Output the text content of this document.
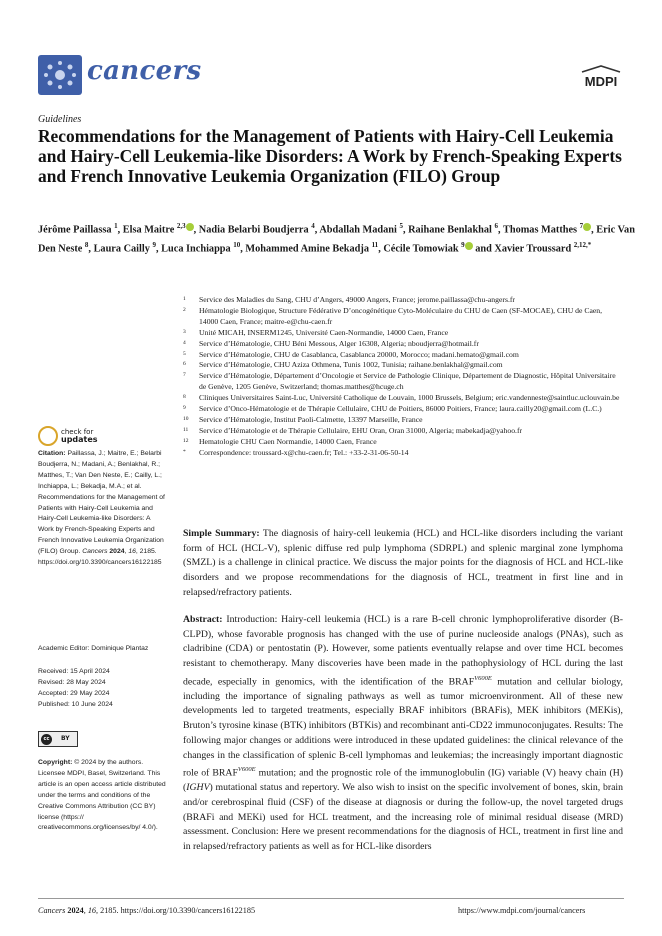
cancers	MDPI
Guidelines
Recommendations for the Management of Patients with Hairy-Cell Leukemia and Hairy-Cell Leukemia-like Disorders: A Work by French-Speaking Experts and French Innovative Leukemia Organization (FILO) Group
Jérôme Paillassa $^1$, Elsa Maitre $^{2,3}$ , Nadia Belarbi Boudjerra $^4$, Abdallah Madani $^5$, Raihane Benlakhal $^6$, Thomas Matthes $^7$ , Eric Van Den Neste $^8$, Laura Cailly $^9$, Luca Inchiappa $^{10}$, Mohammed Amine Bekadja $^{11}$, Cécile Tomowiak $^9$ and Xavier Troussard $^{2,12,*}$
1	Service des Maladies du Sang, CHU d’Angers, 49000 Angers, France; jerome.paillassa@chu-angers.fr
2	Hématologie Biologique, Structure Fédérative D’oncogénétique Cyto-Moléculaire du CHU de Caen (SF-MOCAE), CHU de Caen, 14000 Caen, France; maitre-e@chu-caen.fr
3	Unité MICAH, INSERM1245, Université Caen-Normandie, 14000 Caen, France
4	Service d’Hématologie, CHU Béni Messous, Alger 16308, Algeria; nboudjerra@hotmail.fr
5	Service d’Hématologie, CHU de Casablanca, Casablanca 20000, Morocco; madani.hemato@gmail.com
6	Service d’Hématologie, CHU Aziza Othmena, Tunis 1002, Tunisia; raihane.benlakhal@gmail.com
7	Service d’Hématologie, Département d’Oncologie et Service de Pathologie Clinique, Département de Diagnostic, Hôpital Universitaire de Genève, 1205 Genève, Switzerland; thomas.matthes@hcuge.ch
8	Cliniques Universitaires Saint-Luc, Université Catholique de Louvain, 1000 Brussels, Belgium; eric.vandenneste@saintluc.uclouvain.be
9	Service d’Onco-Hématologie et de Thérapie Cellulaire, CHU de Poitiers, 86000 Poitiers, France; laura.cailly20@gmail.com (L.C.)
10	Service d’Hématologie, Institut Paoli-Calmette, 13397 Marseille, France
11	Service d’Hématologie et de Thérapie Cellulaire, EHU Oran, Oran 31000, Algeria; mabekadja@yahoo.fr
12	Hematologie CHU Caen Normandie, 14000 Caen, France
*	Correspondence: troussard-x@chu-caen.fr; Tel.: +33-2-31-06-50-14
check for
updates
Citation: Paillassa, J.; Maitre, E.; Belarbi Boudjerra, N.; Madani, A.; Benlakhal, R.; Matthes, T.; Van Den Neste, E.; Cailly, L.; Inchiappa, L.; Bekadja, M.A.; et al. Recommendations for the Management of Patients with Hairy-Cell Leukemia and Hairy-Cell Leukemia-like Disorders: A Work by French-Speaking Experts and French Innovative Leukemia Organization (FILO) Group. Cancers 2024, 16, 2185. https://doi.org/10.3390/cancers16122185
Academic Editor: Dominique Plantaz
Received: 15 April 2024
Revised: 28 May 2024
Accepted: 29 May 2024
Published: 10 June 2024
cc	BY
Copyright: © 2024 by the authors. Licensee MDPI, Basel, Switzerland. This article is an open access article distributed under the terms and conditions of the Creative Commons Attribution (CC BY) license (https:// creativecommons.org/licenses/by/ 4.0/).
Simple Summary: The diagnosis of hairy-cell leukemia (HCL) and HCL-like disorders including the variant form of HCL (HCL-V), splenic diffuse red pulp lymphoma (SDRPL) and splenic marginal zone lymphoma (SMZL) is a challenge in clinical practice. We discuss the major points for the diagnosis of HCL and HCL-like disorders and we propose recommendations for the diagnosis of HCL, treatment in first line and in relapsed/refractory patients.
Abstract: Introduction: Hairy-cell leukemia (HCL) is a rare B-cell chronic lymphoproliferative disorder (B-CLPD), whose favorable prognosis has changed with the use of purine nucleoside analogs (PNAs), such as cladribine (CDA) or pentostatin (P). However, some patients eventually relapse and over time HCL becomes resistant to chemotherapy. Many discoveries have been made in the pathophysiology of HCL during the last decade, especially in genomics, with the identification of the $BRAF^{V600E}$ mutation and cellular biology, including the importance of signaling pathways as well as tumor microenvironment. All of these new developments led to targeted treatments, especially BRAF inhibitors (BRAFis), MEK inhibitors (MEKis), Bruton’s tyrosine kinase (BTK) inhibitors (BTKis) and recombinant anti-CD22 immunoconjugates. Results: The following major changes or additions were introduced in these updated guidelines: the clinical relevance of the changes in the classification of splenic B-cell lymphomas and leukemias; the increasingly important diagnostic role of $BRAF^{V600E}$ mutation; and the prognostic role of the immunoglobulin (IG) variable (V) heavy chain (H) (IGHV) mutational status and repertory. We also wish to insist on the specific involvement of bones, skin, brain and/or cerebrospinal fluid (CSF) of the disease at diagnosis or during the follow-up, the novel targeted drugs (BRAFi and MEKi) used for HCL treatment, and the increasing role of minimal residual disease (MRD) assessment. Conclusion: Here we present recommendations for the diagnosis of HCL, treatment in first line and in relapsed/refractory patients as well as for HCL-like disorders
Cancers 2024, 16, 2185. https://doi.org/10.3390/cancers16122185	https://www.mdpi.com/journal/cancers
